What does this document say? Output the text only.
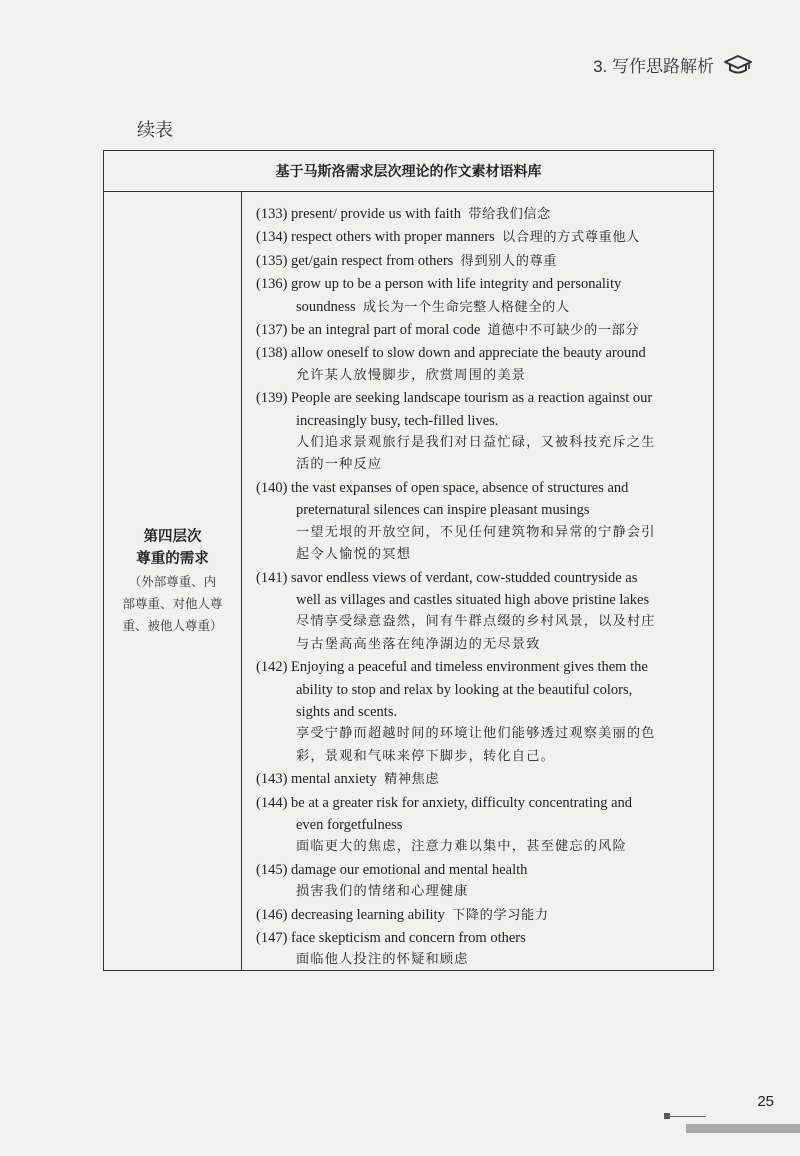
3. 写作思路解析
续表
基于马斯洛需求层次理论的作文素材语料库
第四层次
尊重的需求
（外部尊重、内
部尊重、对他人尊
重、被他人尊重）
(133) present/ provide us with faith 带给我们信念
(134) respect others with proper manners 以合理的方式尊重他人
(135) get/gain respect from others 得到别人的尊重
(136) grow up to be a person with life integrity and personality
soundness 成长为一个生命完整人格健全的人
(137) be an integral part of moral code 道德中不可缺少的一部分
(138) allow oneself to slow down and appreciate the beauty around
允许某人放慢脚步，欣赏周围的美景
(139) People are seeking landscape tourism as a reaction against our
increasingly busy, tech-filled lives.
人们追求景观旅行是我们对日益忙碌，又被科技充斥之生
活的一种反应
(140) the vast expanses of open space, absence of structures and
preternatural silences can inspire pleasant musings
一望无垠的开放空间，不见任何建筑物和异常的宁静会引
起令人愉悦的冥想
(141) savor endless views of verdant, cow-studded countryside as
well as villages and castles situated high above pristine lakes
尽情享受绿意盎然，间有牛群点缀的乡村风景，以及村庄
与古堡高高坐落在纯净湖边的无尽景致
(142) Enjoying a peaceful and timeless environment gives them the
ability to stop and relax by looking at the beautiful colors,
sights and scents.
享受宁静而超越时间的环境让他们能够透过观察美丽的色
彩，景观和气味来停下脚步，转化自己。
(143) mental anxiety 精神焦虑
(144) be at a greater risk for anxiety, difficulty concentrating and
even forgetfulness
面临更大的焦虑，注意力难以集中，甚至健忘的风险
(145) damage our emotional and mental health
损害我们的情绪和心理健康
(146) decreasing learning ability 下降的学习能力
(147) face skepticism and concern from others
面临他人投注的怀疑和顾虑
25
